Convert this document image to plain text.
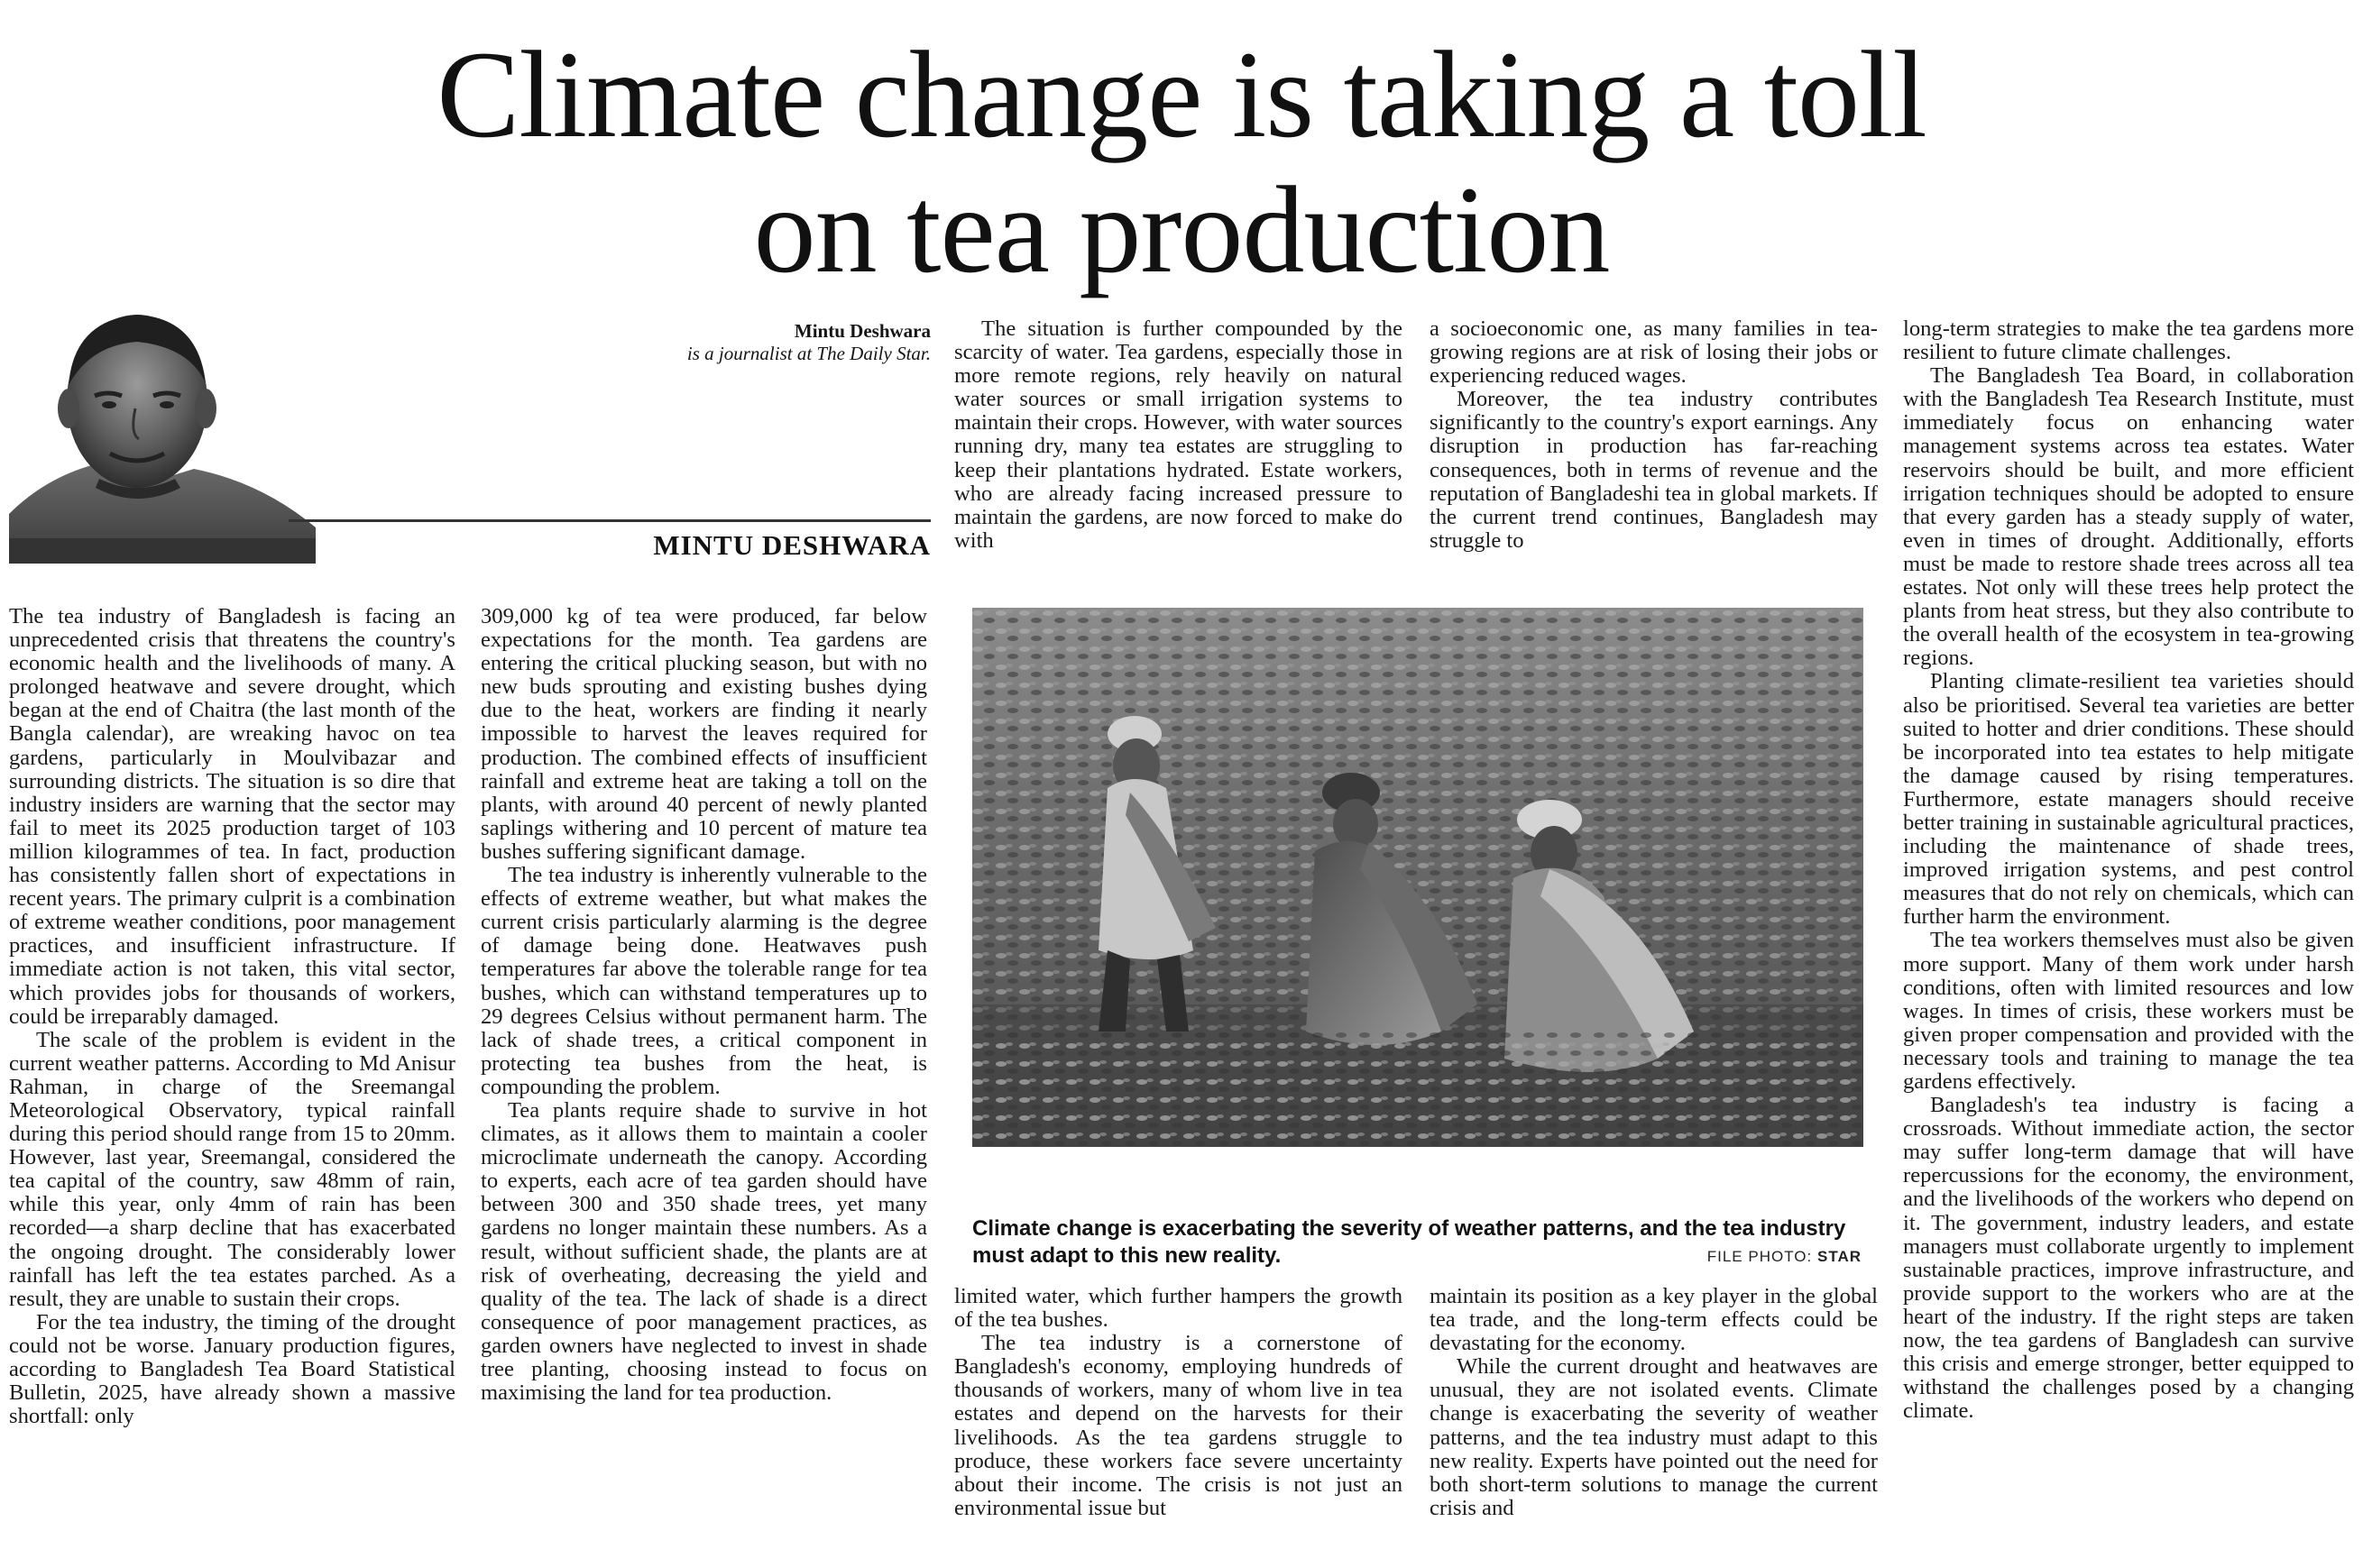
Climate change is taking a toll
on tea production
Mintu Deshwara
is a journalist at The Daily Star.
MINTU DESHWARA

The tea industry of Bangladesh is facing an unprecedented crisis that threatens the country's economic health and the livelihoods of many. A prolonged heatwave and severe drought, which began at the end of Chaitra (the last month of the Bangla calendar), are wreaking havoc on tea gardens, particularly in Moulvibazar and surrounding districts. The situation is so dire that industry insiders are warning that the sector may fail to meet its 2025 production target of 103 million kilogrammes of tea. In fact, production has consistently fallen short of expectations in recent years. The primary culprit is a combination of extreme weather conditions, poor management practices, and insufficient infrastructure. If immediate action is not taken, this vital sector, which provides jobs for thousands of workers, could be irreparably damaged.

The scale of the problem is evident in the current weather patterns. According to Md Anisur Rahman, in charge of the Sreemangal Meteorological Observatory, typical rainfall during this period should range from 15 to 20mm. However, last year, Sreemangal, considered the tea capital of the country, saw 48mm of rain, while this year, only 4mm of rain has been recorded—a sharp decline that has exacerbated the ongoing drought. The considerably lower rainfall has left the tea estates parched. As a result, they are unable to sustain their crops.

For the tea industry, the timing of the drought could not be worse. January production figures, according to Bangladesh Tea Board Statistical Bulletin, 2025, have already shown a massive shortfall: only

309,000 kg of tea were produced, far below expectations for the month. Tea gardens are entering the critical plucking season, but with no new buds sprouting and existing bushes dying due to the heat, workers are finding it nearly impossible to harvest the leaves required for production. The combined effects of insufficient rainfall and extreme heat are taking a toll on the plants, with around 40 percent of newly planted saplings withering and 10 percent of mature tea bushes suffering significant damage.

The tea industry is inherently vulnerable to the effects of extreme weather, but what makes the current crisis particularly alarming is the degree of damage being done. Heatwaves push temperatures far above the tolerable range for tea bushes, which can withstand temperatures up to 29 degrees Celsius without permanent harm. The lack of shade trees, a critical component in protecting tea bushes from the heat, is compounding the problem.

Tea plants require shade to survive in hot climates, as it allows them to maintain a cooler microclimate underneath the canopy. According to experts, each acre of tea garden should have between 300 and 350 shade trees, yet many gardens no longer maintain these numbers. As a result, without sufficient shade, the plants are at risk of overheating, decreasing the yield and quality of the tea. The lack of shade is a direct consequence of poor management practices, as garden owners have neglected to invest in shade tree planting, choosing instead to focus on maximising the land for tea production.

The situation is further compounded by the scarcity of water. Tea gardens, especially those in more remote regions, rely heavily on natural water sources or small irrigation systems to maintain their crops. However, with water sources running dry, many tea estates are struggling to keep their plantations hydrated. Estate workers, who are already facing increased pressure to maintain the gardens, are now forced to make do with

a socioeconomic one, as many families in tea-growing regions are at risk of losing their jobs or experiencing reduced wages.

Moreover, the tea industry contributes significantly to the country's export earnings. Any disruption in production has far-reaching consequences, both in terms of revenue and the reputation of Bangladeshi tea in global markets. If the current trend continues, Bangladesh may struggle to

Climate change is exacerbating the severity of weather patterns, and the tea industry must adapt to this new reality.	FILE PHOTO: STAR

limited water, which further hampers the growth of the tea bushes.

The tea industry is a cornerstone of Bangladesh's economy, employing hundreds of thousands of workers, many of whom live in tea estates and depend on the harvests for their livelihoods. As the tea gardens struggle to produce, these workers face severe uncertainty about their income. The crisis is not just an environmental issue but

maintain its position as a key player in the global tea trade, and the long-term effects could be devastating for the economy.

While the current drought and heatwaves are unusual, they are not isolated events. Climate change is exacerbating the severity of weather patterns, and the tea industry must adapt to this new reality. Experts have pointed out the need for both short-term solutions to manage the current crisis and

long-term strategies to make the tea gardens more resilient to future climate challenges.

The Bangladesh Tea Board, in collaboration with the Bangladesh Tea Research Institute, must immediately focus on enhancing water management systems across tea estates. Water reservoirs should be built, and more efficient irrigation techniques should be adopted to ensure that every garden has a steady supply of water, even in times of drought. Additionally, efforts must be made to restore shade trees across all tea estates. Not only will these trees help protect the plants from heat stress, but they also contribute to the overall health of the ecosystem in tea-growing regions.

Planting climate-resilient tea varieties should also be prioritised. Several tea varieties are better suited to hotter and drier conditions. These should be incorporated into tea estates to help mitigate the damage caused by rising temperatures. Furthermore, estate managers should receive better training in sustainable agricultural practices, including the maintenance of shade trees, improved irrigation systems, and pest control measures that do not rely on chemicals, which can further harm the environment.

The tea workers themselves must also be given more support. Many of them work under harsh conditions, often with limited resources and low wages. In times of crisis, these workers must be given proper compensation and provided with the necessary tools and training to manage the tea gardens effectively.

Bangladesh's tea industry is facing a crossroads. Without immediate action, the sector may suffer long-term damage that will have repercussions for the economy, the environment, and the livelihoods of the workers who depend on it. The government, industry leaders, and estate managers must collaborate urgently to implement sustainable practices, improve infrastructure, and provide support to the workers who are at the heart of the industry. If the right steps are taken now, the tea gardens of Bangladesh can survive this crisis and emerge stronger, better equipped to withstand the challenges posed by a changing climate.
